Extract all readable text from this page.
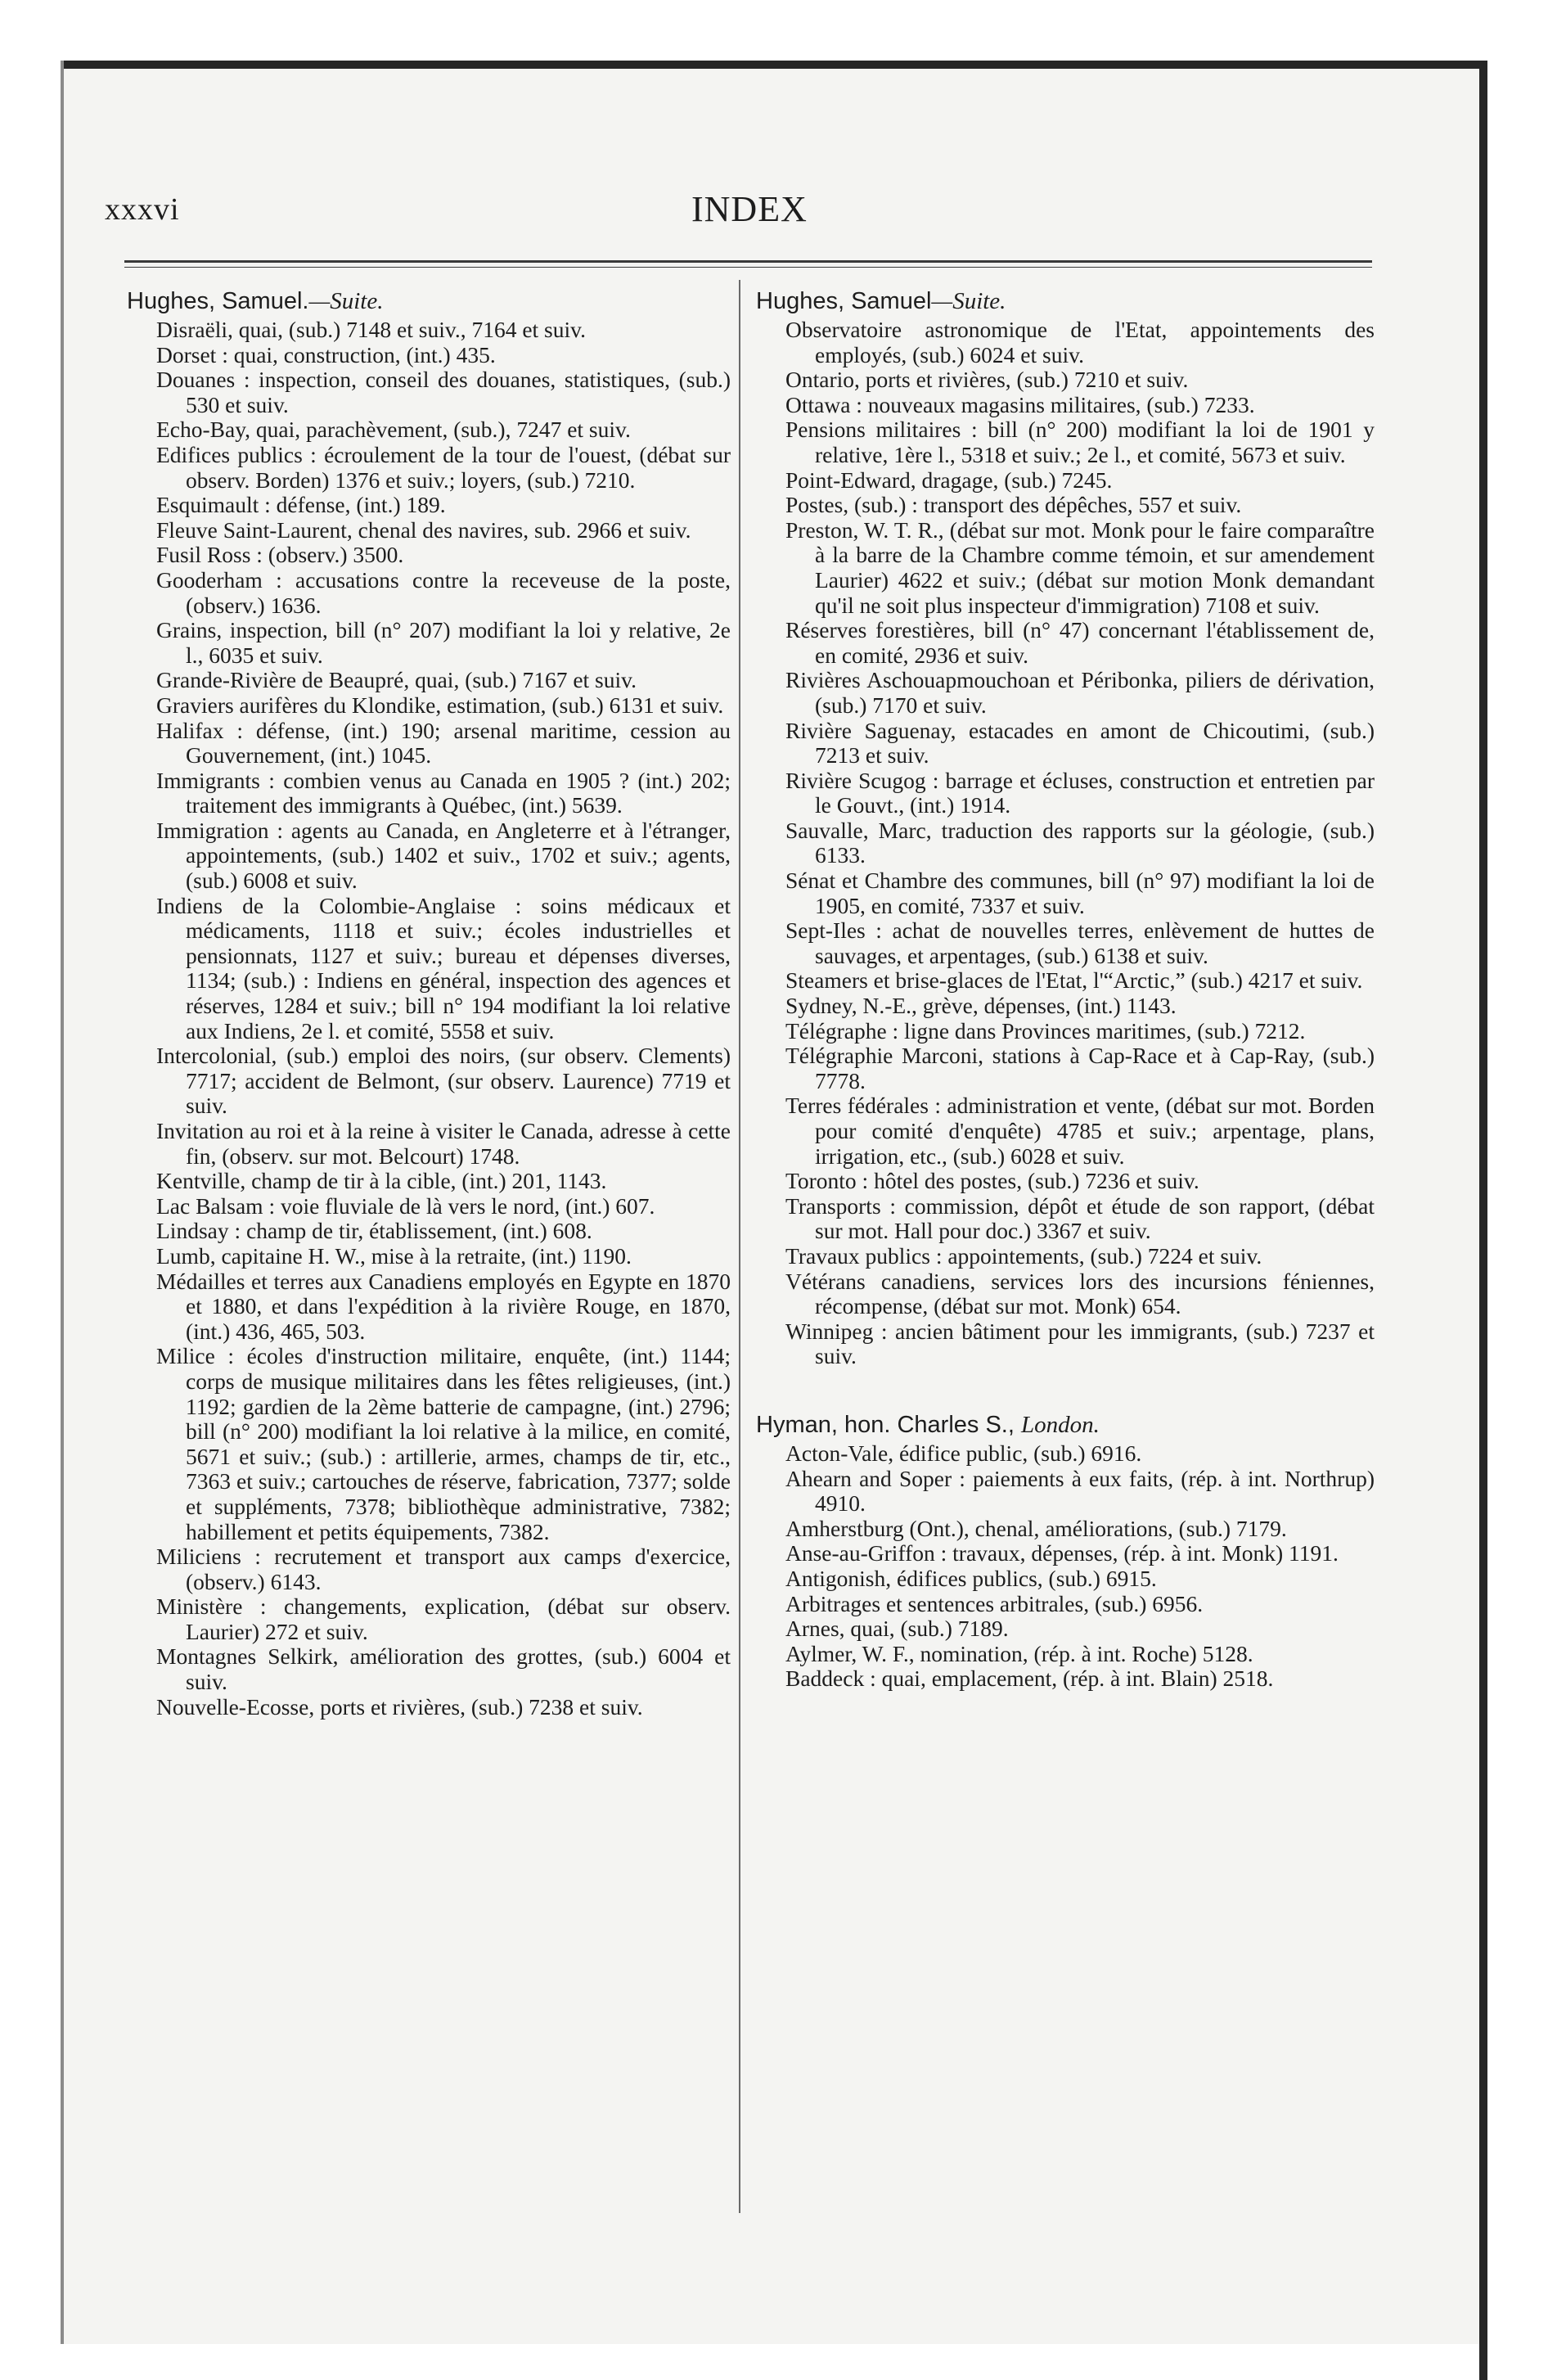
xxxvi	INDEX
Hughes, Samuel.—Suite.
Disraëli, quai, (sub.) 7148 et suiv., 7164 et suiv.
Dorset : quai, construction, (int.) 435.
Douanes : inspection, conseil des douanes, statistiques, (sub.) 530 et suiv.
Echo-Bay, quai, parachèvement, (sub.), 7247 et suiv.
Edifices publics : écroulement de la tour de l'ouest, (débat sur observ. Borden) 1376 et suiv.; loyers, (sub.) 7210.
Esquimault : défense, (int.) 189.
Fleuve Saint-Laurent, chenal des navires, sub. 2966 et suiv.
Fusil Ross : (observ.) 3500.
Gooderham : accusations contre la receveuse de la poste, (observ.) 1636.
Grains, inspection, bill (n° 207) modifiant la loi y relative, 2e l., 6035 et suiv.
Grande-Rivière de Beaupré, quai, (sub.) 7167 et suiv.
Graviers aurifères du Klondike, estimation, (sub.) 6131 et suiv.
Halifax : défense, (int.) 190; arsenal maritime, cession au Gouvernement, (int.) 1045.
Immigrants : combien venus au Canada en 1905 ? (int.) 202; traitement des immigrants à Québec, (int.) 5639.
Immigration : agents au Canada, en Angleterre et à l'étranger, appointements, (sub.) 1402 et suiv., 1702 et suiv.; agents, (sub.) 6008 et suiv.
Indiens de la Colombie-Anglaise : soins médicaux et médicaments, 1118 et suiv.; écoles industrielles et pensionnats, 1127 et suiv.; bureau et dépenses diverses, 1134; (sub.) : Indiens en général, inspection des agences et réserves, 1284 et suiv.; bill n° 194 modifiant la loi relative aux Indiens, 2e l. et comité, 5558 et suiv.
Intercolonial, (sub.) emploi des noirs, (sur observ. Clements) 7717; accident de Belmont, (sur observ. Laurence) 7719 et suiv.
Invitation au roi et à la reine à visiter le Canada, adresse à cette fin, (observ. sur mot. Belcourt) 1748.
Kentville, champ de tir à la cible, (int.) 201, 1143.
Lac Balsam : voie fluviale de là vers le nord, (int.) 607.
Lindsay : champ de tir, établissement, (int.) 608.
Lumb, capitaine H. W., mise à la retraite, (int.) 1190.
Médailles et terres aux Canadiens employés en Egypte en 1870 et 1880, et dans l'expédition à la rivière Rouge, en 1870, (int.) 436, 465, 503.
Milice : écoles d'instruction militaire, enquête, (int.) 1144; corps de musique militaires dans les fêtes religieuses, (int.) 1192; gardien de la 2ème batterie de campagne, (int.) 2796; bill (n° 200) modifiant la loi relative à la milice, en comité, 5671 et suiv.; (sub.) : artillerie, armes, champs de tir, etc., 7363 et suiv.; cartouches de réserve, fabrication, 7377; solde et suppléments, 7378; bibliothèque administrative, 7382; habillement et petits équipements, 7382.
Miliciens : recrutement et transport aux camps d'exercice, (observ.) 6143.
Ministère : changements, explication, (débat sur observ. Laurier) 272 et suiv.
Montagnes Selkirk, amélioration des grottes, (sub.) 6004 et suiv.
Nouvelle-Ecosse, ports et rivières, (sub.) 7238 et suiv.
Hughes, Samuel—Suite.
Observatoire astronomique de l'Etat, appointements des employés, (sub.) 6024 et suiv.
Ontario, ports et rivières, (sub.) 7210 et suiv.
Ottawa : nouveaux magasins militaires, (sub.) 7233.
Pensions militaires : bill (n° 200) modifiant la loi de 1901 y relative, 1ère l., 5318 et suiv.; 2e l., et comité, 5673 et suiv.
Point-Edward, dragage, (sub.) 7245.
Postes, (sub.) : transport des dépêches, 557 et suiv.
Preston, W. T. R., (débat sur mot. Monk pour le faire comparaître à la barre de la Chambre comme témoin, et sur amendement Laurier) 4622 et suiv.; (débat sur motion Monk demandant qu'il ne soit plus inspecteur d'immigration) 7108 et suiv.
Réserves forestières, bill (n° 47) concernant l'établissement de, en comité, 2936 et suiv.
Rivières Aschouapmouchoan et Péribonka, piliers de dérivation, (sub.) 7170 et suiv.
Rivière Saguenay, estacades en amont de Chicoutimi, (sub.) 7213 et suiv.
Rivière Scugog : barrage et écluses, construction et entretien par le Gouvt., (int.) 1914.
Sauvalle, Marc, traduction des rapports sur la géologie, (sub.) 6133.
Sénat et Chambre des communes, bill (n° 97) modifiant la loi de 1905, en comité, 7337 et suiv.
Sept-Iles : achat de nouvelles terres, enlèvement de huttes de sauvages, et arpentages, (sub.) 6138 et suiv.
Steamers et brise-glaces de l'Etat, l'“Arctic,” (sub.) 4217 et suiv.
Sydney, N.-E., grève, dépenses, (int.) 1143.
Télégraphe : ligne dans Provinces maritimes, (sub.) 7212.
Télégraphie Marconi, stations à Cap-Race et à Cap-Ray, (sub.) 7778.
Terres fédérales : administration et vente, (débat sur mot. Borden pour comité d'enquête) 4785 et suiv.; arpentage, plans, irrigation, etc., (sub.) 6028 et suiv.
Toronto : hôtel des postes, (sub.) 7236 et suiv.
Transports : commission, dépôt et étude de son rapport, (débat sur mot. Hall pour doc.) 3367 et suiv.
Travaux publics : appointements, (sub.) 7224 et suiv.
Vétérans canadiens, services lors des incursions féniennes, récompense, (débat sur mot. Monk) 654.
Winnipeg : ancien bâtiment pour les immigrants, (sub.) 7237 et suiv.
Hyman, hon. Charles S., London.
Acton-Vale, édifice public, (sub.) 6916.
Ahearn and Soper : paiements à eux faits, (rép. à int. Northrup) 4910.
Amherstburg (Ont.), chenal, améliorations, (sub.) 7179.
Anse-au-Griffon : travaux, dépenses, (rép. à int. Monk) 1191.
Antigonish, édifices publics, (sub.) 6915.
Arbitrages et sentences arbitrales, (sub.) 6956.
Arnes, quai, (sub.) 7189.
Aylmer, W. F., nomination, (rép. à int. Roche) 5128.
Baddeck : quai, emplacement, (rép. à int. Blain) 2518.
